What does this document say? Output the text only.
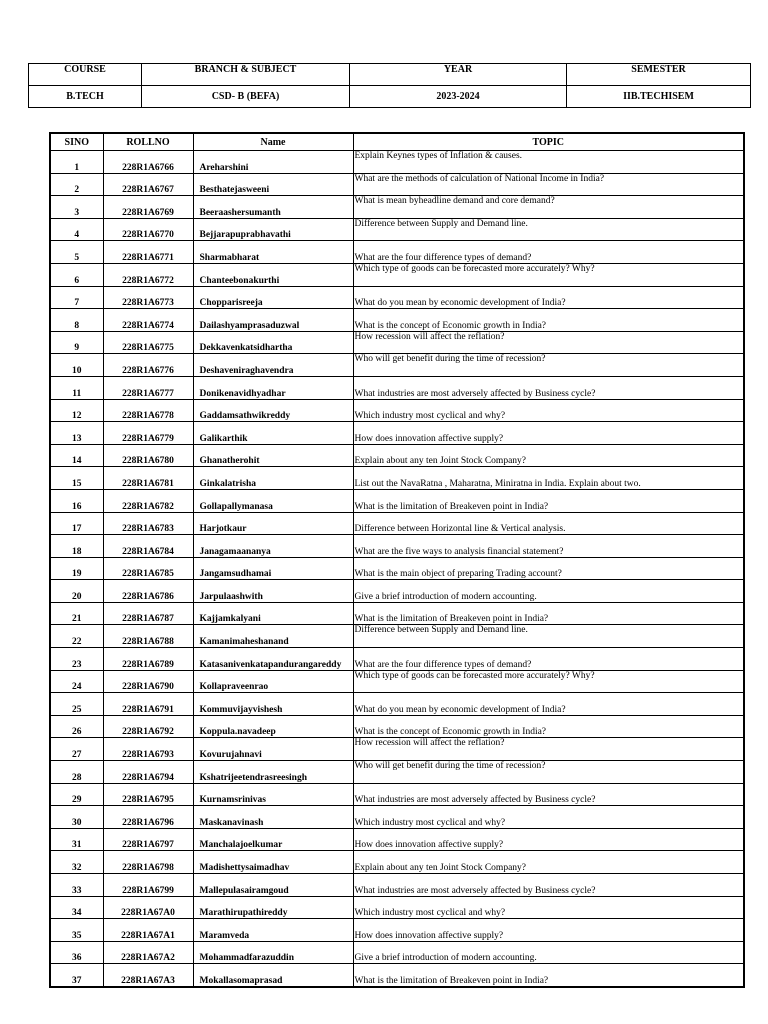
COURSE	BRANCH & SUBJECT	YEAR	SEMESTER
B.TECH	CSD- B (BEFA)	2023-2024	IIB.TECHISEM
SINO	ROLLNO	Name	TOPIC
1	228R1A6766	Areharshini	Explain Keynes types of Inflation & causes.
2	228R1A6767	Besthatejasweeni	What are the methods of calculation of National Income in India?
3	228R1A6769	Beeraashersumanth	What is mean byheadline demand and core demand?
4	228R1A6770	Bejjarapuprabhavathi	Difference between Supply and Demand line.
5	228R1A6771	Sharmabharat	What are the four difference types of demand?
6	228R1A6772	Chanteebonakurthi	Which type of goods can be forecasted more accurately? Why?
7	228R1A6773	Chopparisreeja	What do you mean by economic development of India?
8	228R1A6774	Dailashyamprasaduzwal	What is the concept of Economic growth in India?
9	228R1A6775	Dekkavenkatsidhartha	How recession will affect the reflation?
10	228R1A6776	Deshaveniraghavendra	Who will get benefit during the time of recession?
11	228R1A6777	Donikenavidhyadhar	What industries are most adversely affected by Business cycle?
12	228R1A6778	Gaddamsathwikreddy	Which industry most cyclical and why?
13	228R1A6779	Galikarthik	How does innovation affective supply?
14	228R1A6780	Ghanatherohit	Explain about any ten Joint Stock Company?
15	228R1A6781	Ginkalatrisha	List out the NavaRatna , Maharatna, Miniratna in India. Explain about two.
16	228R1A6782	Gollapallymanasa	What is the limitation of Breakeven point in India?
17	228R1A6783	Harjotkaur	Difference between Horizontal line & Vertical analysis.
18	228R1A6784	Janagamaananya	What are the five ways to analysis financial statement?
19	228R1A6785	Jangamsudhamai	What is the main object of preparing Trading account?
20	228R1A6786	Jarpulaashwith	Give a brief introduction of modern accounting.
21	228R1A6787	Kajjamkalyani	What is the limitation of Breakeven point in India?
22	228R1A6788	Kamanimaheshanand	Difference between Supply and Demand line.
23	228R1A6789	Katasanivenkatapandurangareddy	What are the four difference types of demand?
24	228R1A6790	Kollapraveenrao	Which type of goods can be forecasted more accurately? Why?
25	228R1A6791	Kommuvijayvishesh	What do you mean by economic development of India?
26	228R1A6792	Koppula.navadeep	What is the concept of Economic growth in India?
27	228R1A6793	Kovurujahnavi	How recession will affect the reflation?
28	228R1A6794	Kshatrijeetendrasreesingh	Who will get benefit during the time of recession?
29	228R1A6795	Kurnamsrinivas	What industries are most adversely affected by Business cycle?
30	228R1A6796	Maskanavinash	Which industry most cyclical and why?
31	228R1A6797	Manchalajoelkumar	How does innovation affective supply?
32	228R1A6798	Madishettysaimadhav	Explain about any ten Joint Stock Company?
33	228R1A6799	Mallepulasairamgoud	What industries are most adversely affected by Business cycle?
34	228R1A67A0	Marathirupathireddy	Which industry most cyclical and why?
35	228R1A67A1	Maramveda	How does innovation affective supply?
36	228R1A67A2	Mohammadfarazuddin	Give a brief introduction of modern accounting.
37	228R1A67A3	Mokallasomaprasad	What is the limitation of Breakeven point in India?
